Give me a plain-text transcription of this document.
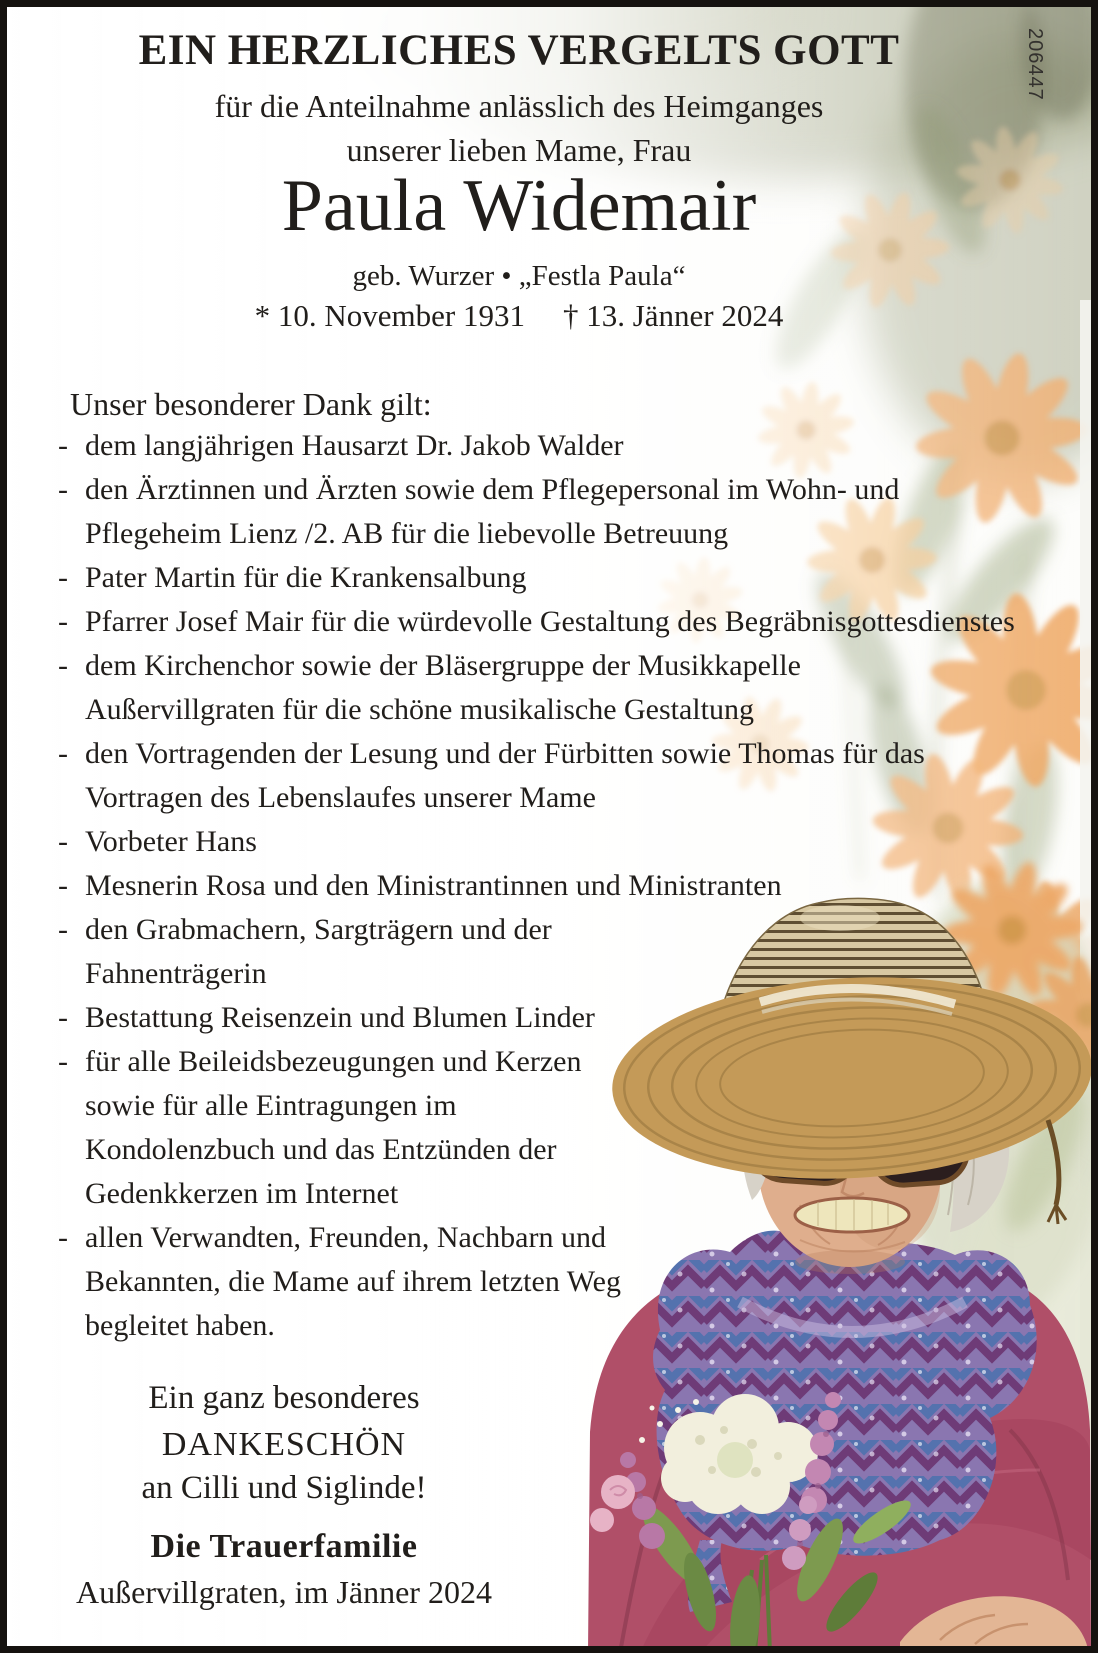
206447
EIN HERZLICHES VERGELTS GOTT
für die Anteilnahme anlässlich des Heimganges
unserer lieben Mame, Frau
Paula Widemair
geb. Wurzer • „Festla Paula“
* 10. November 1931 † 13. Jänner 2024
Unser besonderer Dank gilt:
- dem langjährigen Hausarzt Dr. Jakob Walder
- den Ärztinnen und Ärzten sowie dem Pflegepersonal im Wohn- und Pflegeheim Lienz /2. AB für die liebevolle Betreuung
- Pater Martin für die Krankensalbung
- Pfarrer Josef Mair für die würdevolle Gestaltung des Begräbnisgottesdienstes
- dem Kirchenchor sowie der Bläsergruppe der Musikkapelle Außervillgraten für die schöne musikalische Gestaltung
- den Vortragenden der Lesung und der Fürbitten sowie Thomas für das Vortragen des Lebenslaufes unserer Mame
- Vorbeter Hans
- Mesnerin Rosa und den Ministrantinnen und Ministranten
- den Grabmachern, Sargträgern und der Fahnenträgerin
- Bestattung Reisenzein und Blumen Linder
- für alle Beileidsbezeugungen und Kerzen sowie für alle Eintragungen im Kondolenzbuch und das Entzünden der Gedenkkerzen im Internet
- allen Verwandten, Freunden, Nachbarn und Bekannten, die Mame auf ihrem letzten Weg begleitet haben.
Ein ganz besonderes
DANKESCHÖN
an Cilli und Siglinde!
Die Trauerfamilie
Außervillgraten, im Jänner 2024
